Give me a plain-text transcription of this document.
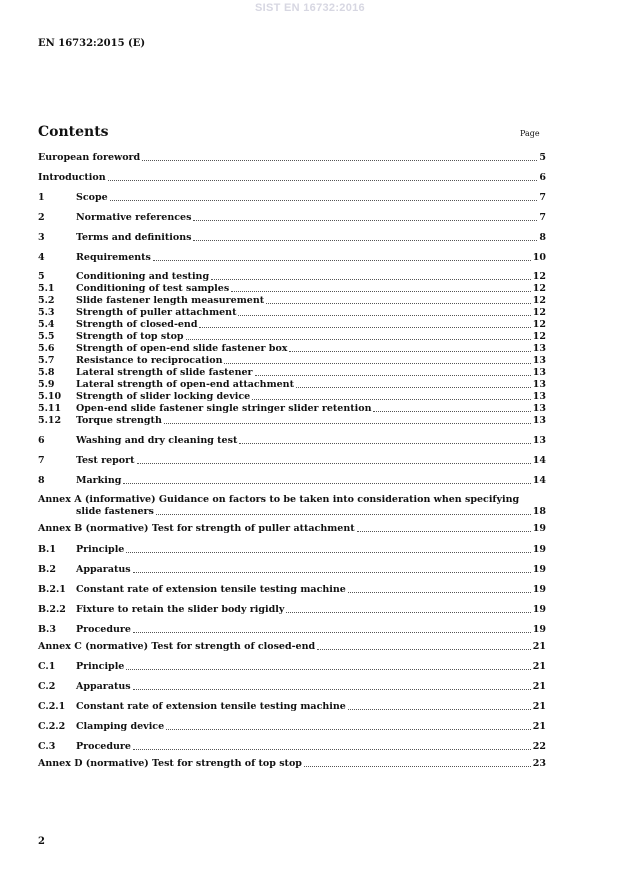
SIST EN 16732:2016
EN 16732:2015 (E)
Contents	Page
European foreword	5
Introduction	6
1	Scope	7
2	Normative references	7
3	Terms and definitions	8
4	Requirements	10
5	Conditioning and testing	12
5.1 Conditioning of test samples	12
5.2 Slide fastener length measurement	12
5.3 Strength of puller attachment	12
5.4 Strength of closed-end	12
5.5 Strength of top stop	12
5.6 Strength of open-end slide fastener box	13
5.7 Resistance to reciprocation	13
5.8 Lateral strength of slide fastener	13
5.9 Lateral strength of open-end attachment	13
5.10 Strength of slider locking device	13
5.11 Open-end slide fastener single stringer slider retention	13
5.12 Torque strength	13
6	Washing and dry cleaning test	13
7	Test report	14
8	Marking	14
Annex A (informative) Guidance on factors to be taken into consideration when specifying
slide fasteners	18
Annex B (normative) Test for strength of puller attachment	19
B.1 Principle	19
B.2 Apparatus	19
B.2.1 Constant rate of extension tensile testing machine	19
B.2.2 Fixture to retain the slider body rigidly	19
B.3 Procedure	19
Annex C (normative) Test for strength of closed-end	21
C.1 Principle	21
C.2 Apparatus	21
C.2.1 Constant rate of extension tensile testing machine	21
C.2.2 Clamping device	21
C.3 Procedure	22
Annex D (normative) Test for strength of top stop	23
2
